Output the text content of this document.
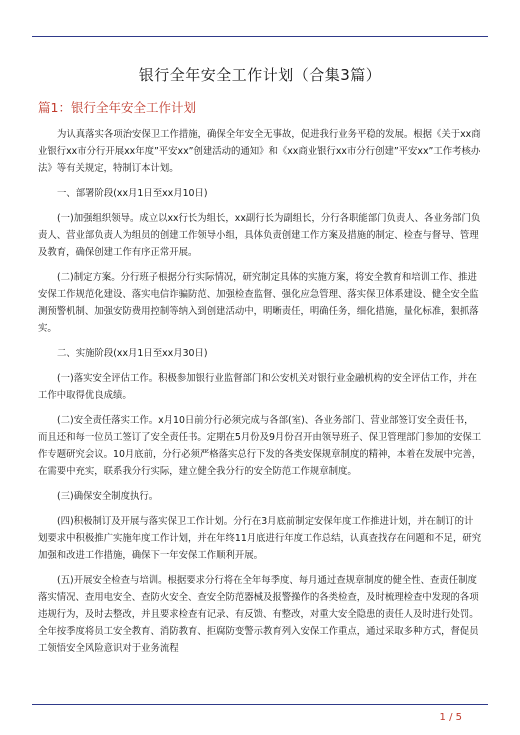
银行全年安全工作计划（合集3篇）
篇1：银行全年安全工作计划

为认真落实各项治安保卫工作措施，确保全年安全无事故，促进我行业务平稳的发展。根据《关于xx商业银行xx市分行开展xx年度”平安xx”创建活动的通知》和《xx商业银行xx市分行创建”平安xx”工作考核办法》等有关规定，特制订本计划。

一、部署阶段(xx月1日至xx月10日)

(一)加强组织领导。成立以xx行长为组长，xx副行长为副组长，分行各职能部门负责人、各业务部门负责人、营业部负责人为组员的创建工作领导小组，具体负责创建工作方案及措施的制定、检查与督导、管理及教育，确保创建工作有序正常开展。

(二)制定方案。分行班子根据分行实际情况，研究制定具体的实施方案，将安全教育和培训工作、推进安保工作规范化建设、落实电信诈骗防范、加强检查监督、强化应急管理、落实保卫体系建设、健全安全监测预警机制、加强安防费用控制等纳入到创建活动中，明晰责任，明确任务，细化措施，量化标准，狠抓落实。

二、实施阶段(xx月1日至xx月30日)

(一)落实安全评估工作。积极参加银行业监督部门和公安机关对银行业金融机构的安全评估工作，并在工作中取得优良成绩。

(二)安全责任落实工作。x月10日前分行必须完成与各部(室)、各业务部门、营业部签订安全责任书，而且还和每一位员工签订了安全责任书。定期在5月份及9月份召开由领导班子、保卫管理部门参加的安保工作专题研究会议。10月底前，分行必须严格落实总行下发的各类安保规章制度的精神，本着在发展中完善，在需要中充实，联系我分行实际，建立健全我分行的安全防范工作规章制度。

(三)确保安全制度执行。

(四)积极制订及开展与落实保卫工作计划。分行在3月底前制定安保年度工作推进计划，并在制订的计划要求中积极推广实施年度工作计划，并在年终11月底进行年度工作总结，认真查找存在问题和不足，研究加强和改进工作措施，确保下一年安保工作顺利开展。

(五)开展安全检查与培训。根据要求分行将在全年每季度、每月通过查规章制度的健全性、查责任制度落实情况、查用电安全、查防火安全、查安全防范器械及报警操作的各类检查，及时梳理检查中发现的各项违规行为，及时去整改，并且要求检查有记录、有反馈、有整改，对重大安全隐患的责任人及时进行处罚。全年按季度将员工安全教育、消防教育、拒腐防变警示教育列入安保工作重点，通过采取多种方式，督促员工领悟安全风险意识对于业务流程

1 / 5
